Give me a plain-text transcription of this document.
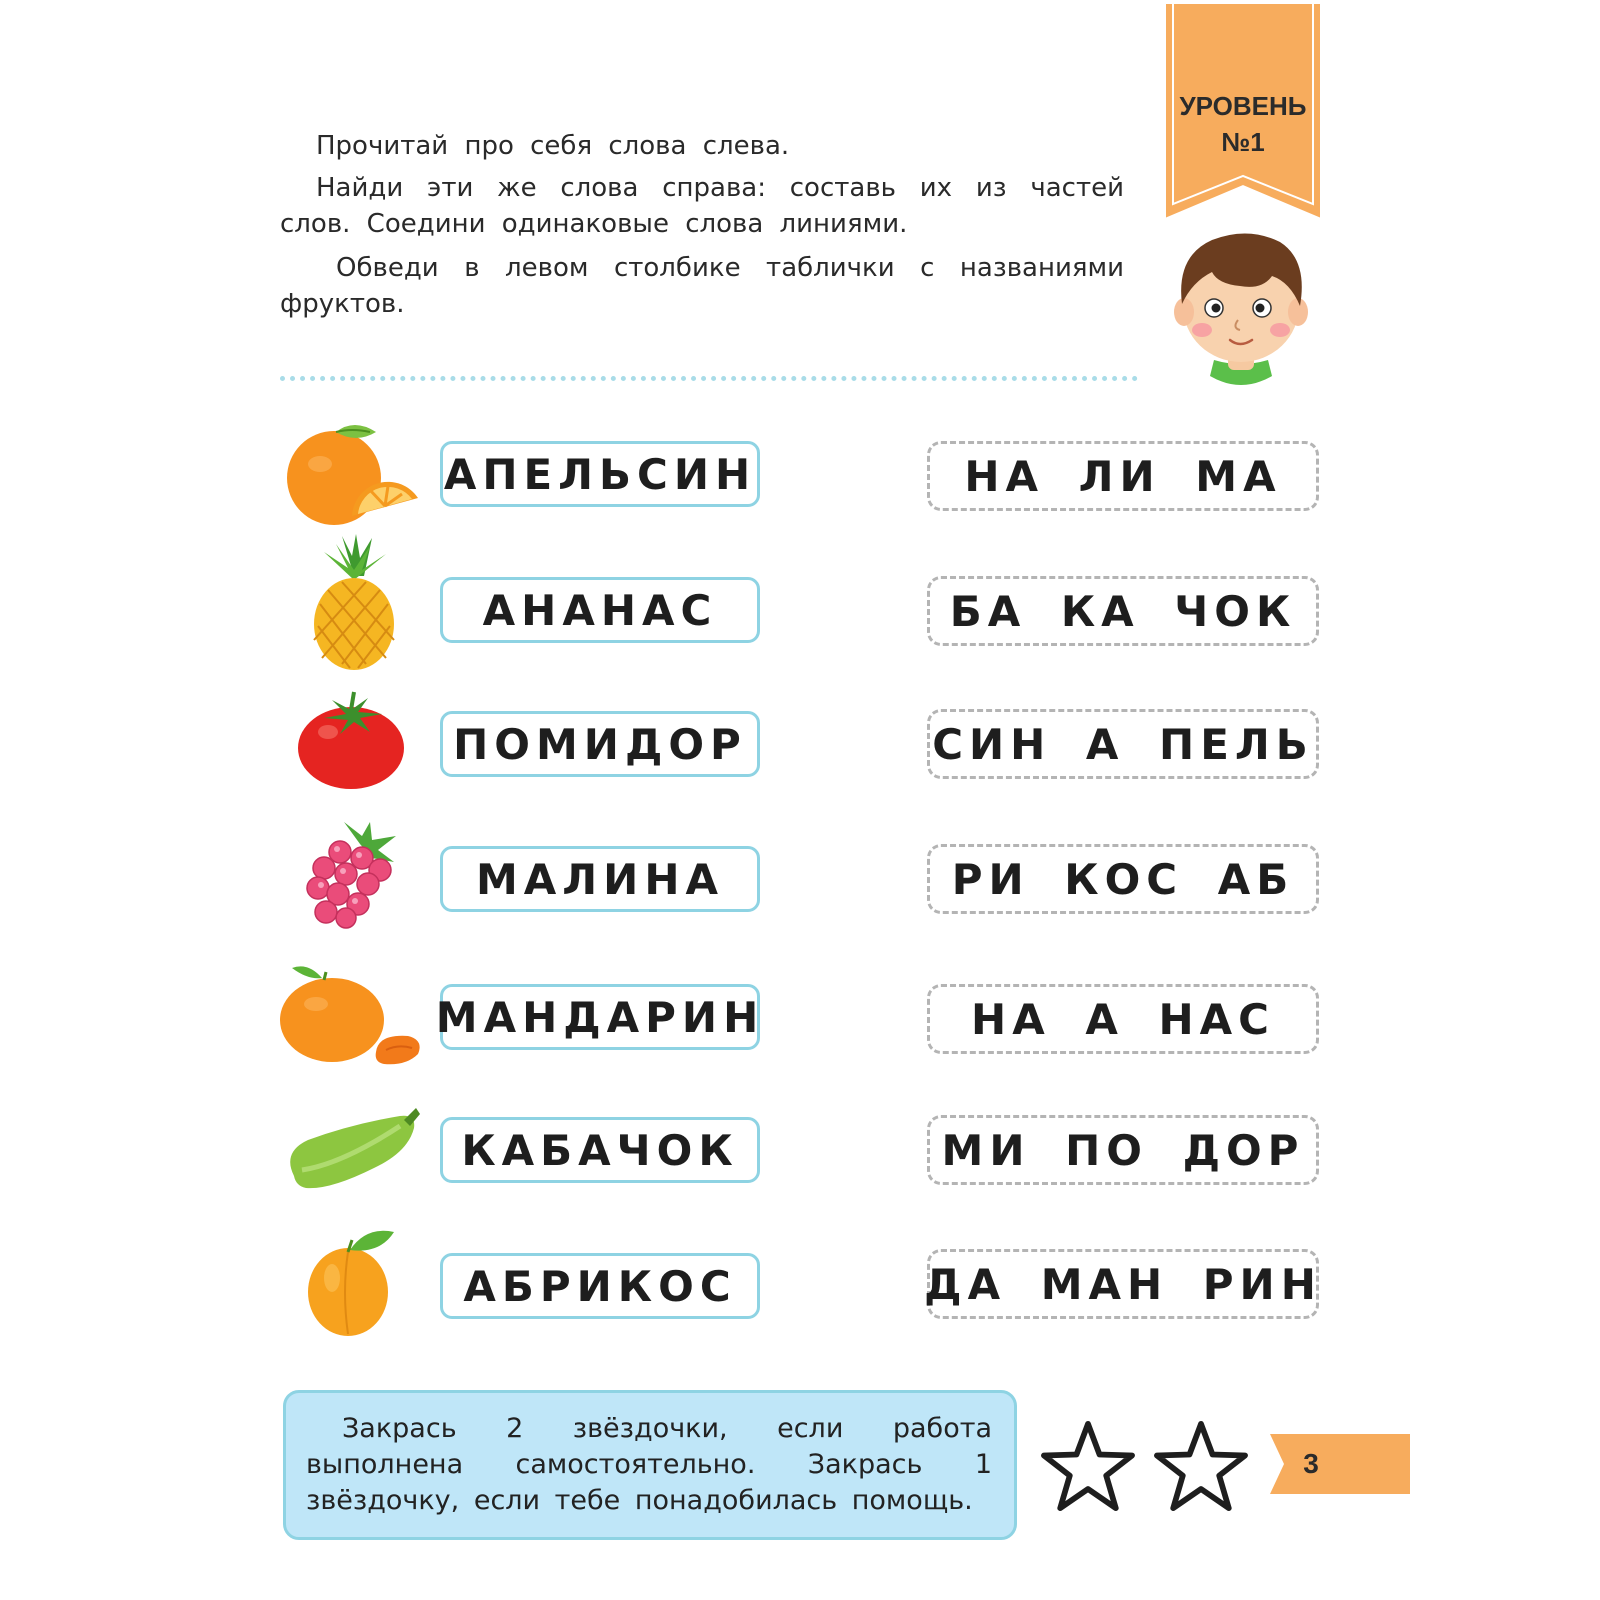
УРОВЕНЬ
№1

Прочитай про себя слова слева.

Найди эти же слова справа: составь их из частей слов. Соедини одинаковые слова линиями.

Обведи в левом столбике таблички с названиями фруктов.

АПЕЛЬСИН
АНАНАС
ПОМИДОР
МАЛИНА
МАНДАРИН
КАБАЧОК
АБРИКОС
НА ЛИ МА
БА КА ЧОК
СИН А ПЕЛЬ
РИ КОС АБ
НА А НАС
МИ ПО ДОР
ДА МАН РИН
Закрась 2 звёздочки, если работа выполнена самостоятельно. Закрась 1 звёздочку, если тебе понадобилась помощь.
3
